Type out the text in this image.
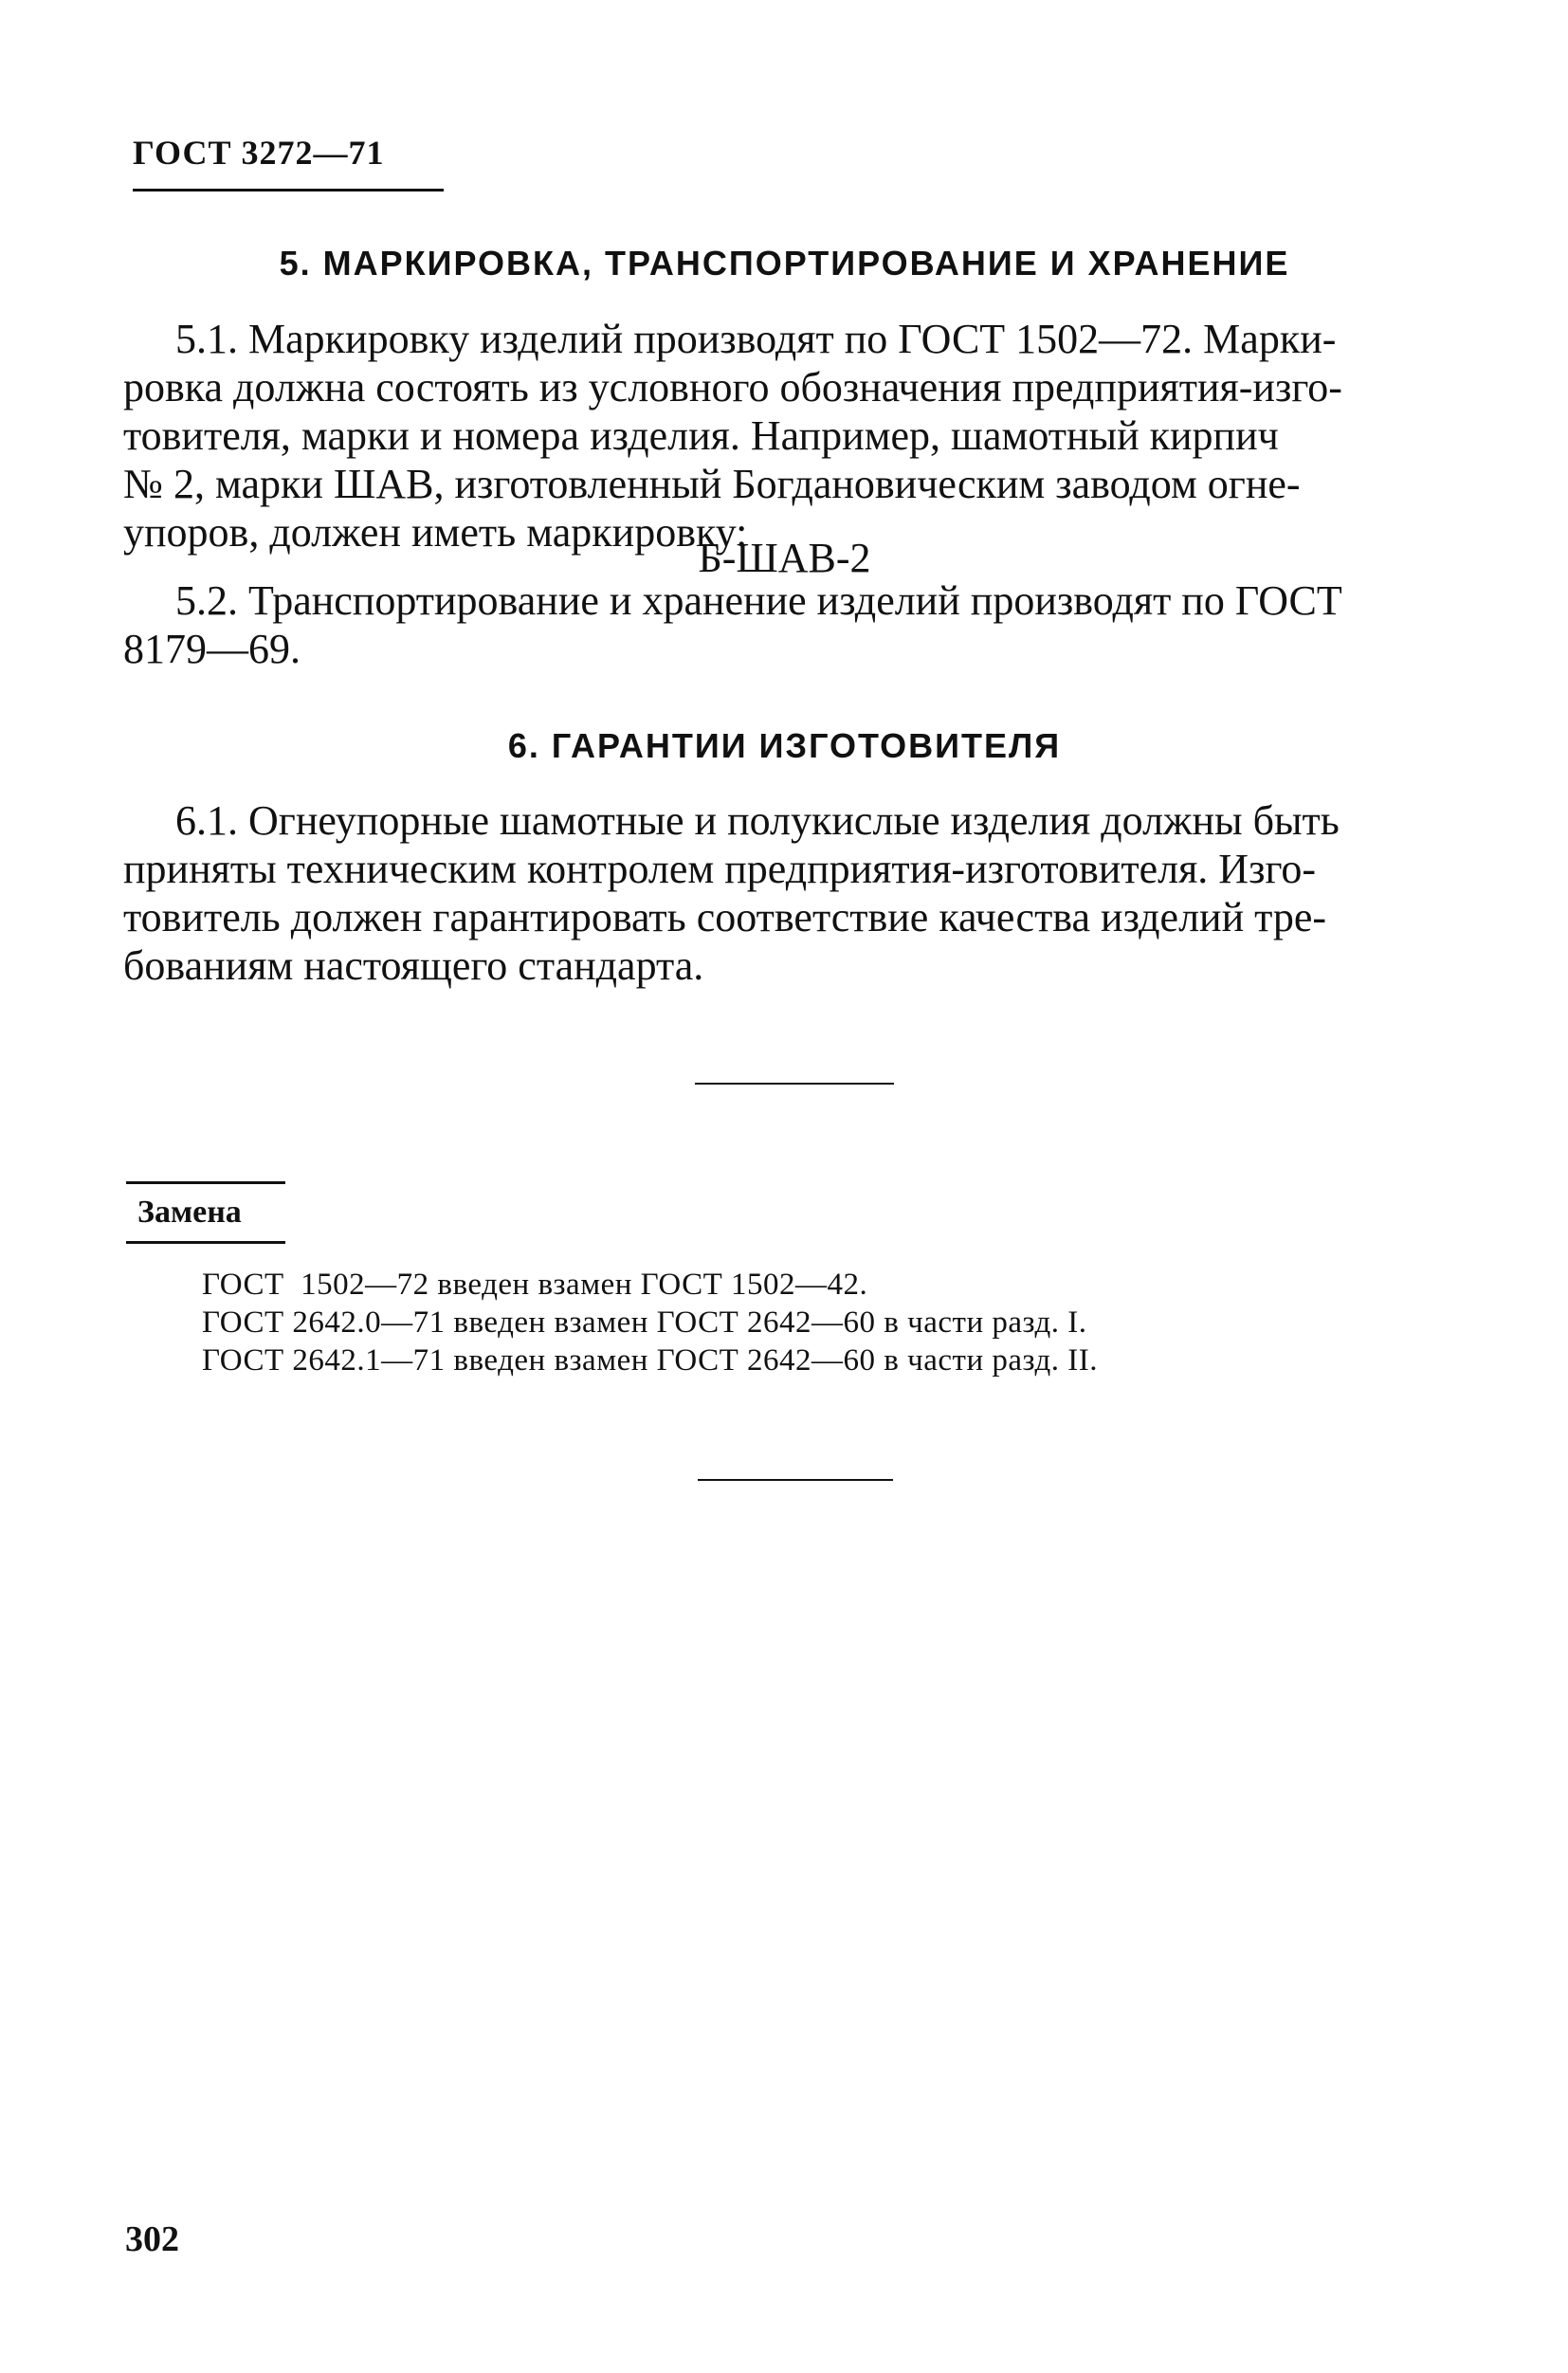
ГОСТ 3272—71
5. МАРКИРОВКА, ТРАНСПОРТИРОВАНИЕ И ХРАНЕНИЕ
5.1. Маркировку изделий производят по ГОСТ 1502—72. Марки-
ровка должна состоять из условного обозначения предприятия-изго-
товителя, марки и номера изделия. Например, шамотный кирпич
№ 2, марки ШАВ, изготовленный Богдановическим заводом огне-
упоров, должен иметь маркировку:
Б-ШАВ-2
5.2. Транспортирование и хранение изделий производят по ГОСТ
8179—69.
6. ГАРАНТИИ ИЗГОТОВИТЕЛЯ
6.1. Огнеупорные шамотные и полукислые изделия должны быть
приняты техническим контролем предприятия-изготовителя. Изго-
товитель должен гарантировать соответствие качества изделий тре-
бованиям настоящего стандарта.
Замена
ГОСТ  1502—72 введен взамен ГОСТ 1502—42.
ГОСТ 2642.0—71 введен взамен ГОСТ 2642—60 в части разд. I.
ГОСТ 2642.1—71 введен взамен ГОСТ 2642—60 в части разд. II.
302
